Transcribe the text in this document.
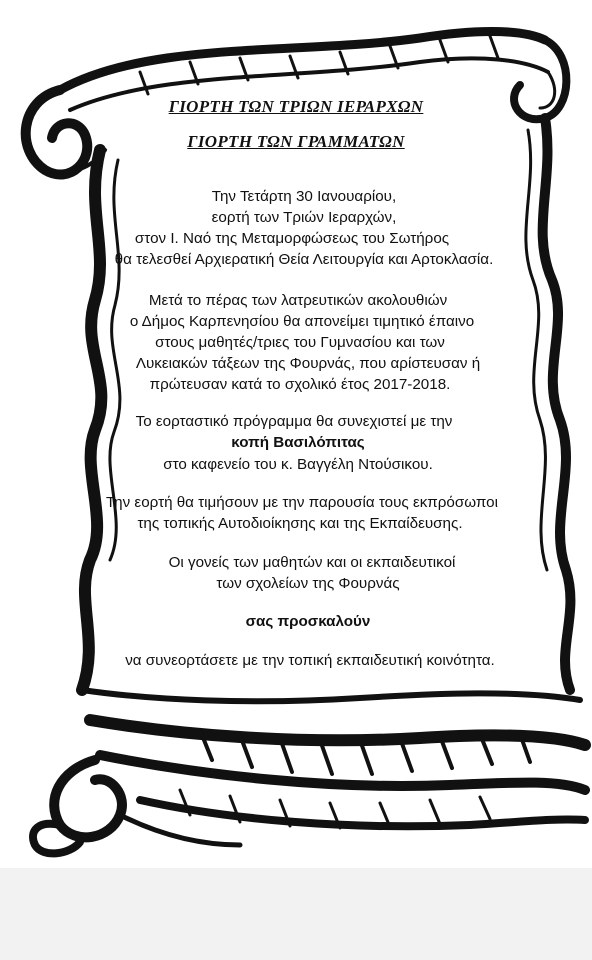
ΓΙΟΡΤΗ ΤΩΝ ΤΡΙΩΝ ΙΕΡΑΡΧΩΝ
ΓΙΟΡΤΗ ΤΩΝ ΓΡΑΜΜΑΤΩΝ
Την Τετάρτη 30 Ιανουαρίου,
εορτή των Τριών Ιεραρχών,
στον Ι. Ναό της Μεταμορφώσεως του Σωτήρος
θα τελεσθεί Αρχιερατική Θεία Λειτουργία και Αρτοκλασία.
Μετά το πέρας των λατρευτικών ακολουθιών
ο Δήμος Καρπενησίου θα απονείμει τιμητικό έπαινο
στους μαθητές/τριες του Γυμνασίου και των
Λυκειακών τάξεων της Φουρνάς, που αρίστευσαν ή
πρώτευσαν κατά το σχολικό έτος 2017-2018.
Το εορταστικό πρόγραμμα θα συνεχιστεί με την
κοπή Βασιλόπιτας
στο καφενείο του κ. Βαγγέλη Ντούσικου.
Την εορτή θα τιμήσουν με την παρουσία τους εκπρόσωποι
της τοπικής Αυτοδιοίκησης και της Εκπαίδευσης.
Οι γονείς των μαθητών και οι εκπαιδευτικοί
των σχολείων της Φουρνάς
σας προσκαλούν
να συνεορτάσετε με την τοπική εκπαιδευτική κοινότητα.
